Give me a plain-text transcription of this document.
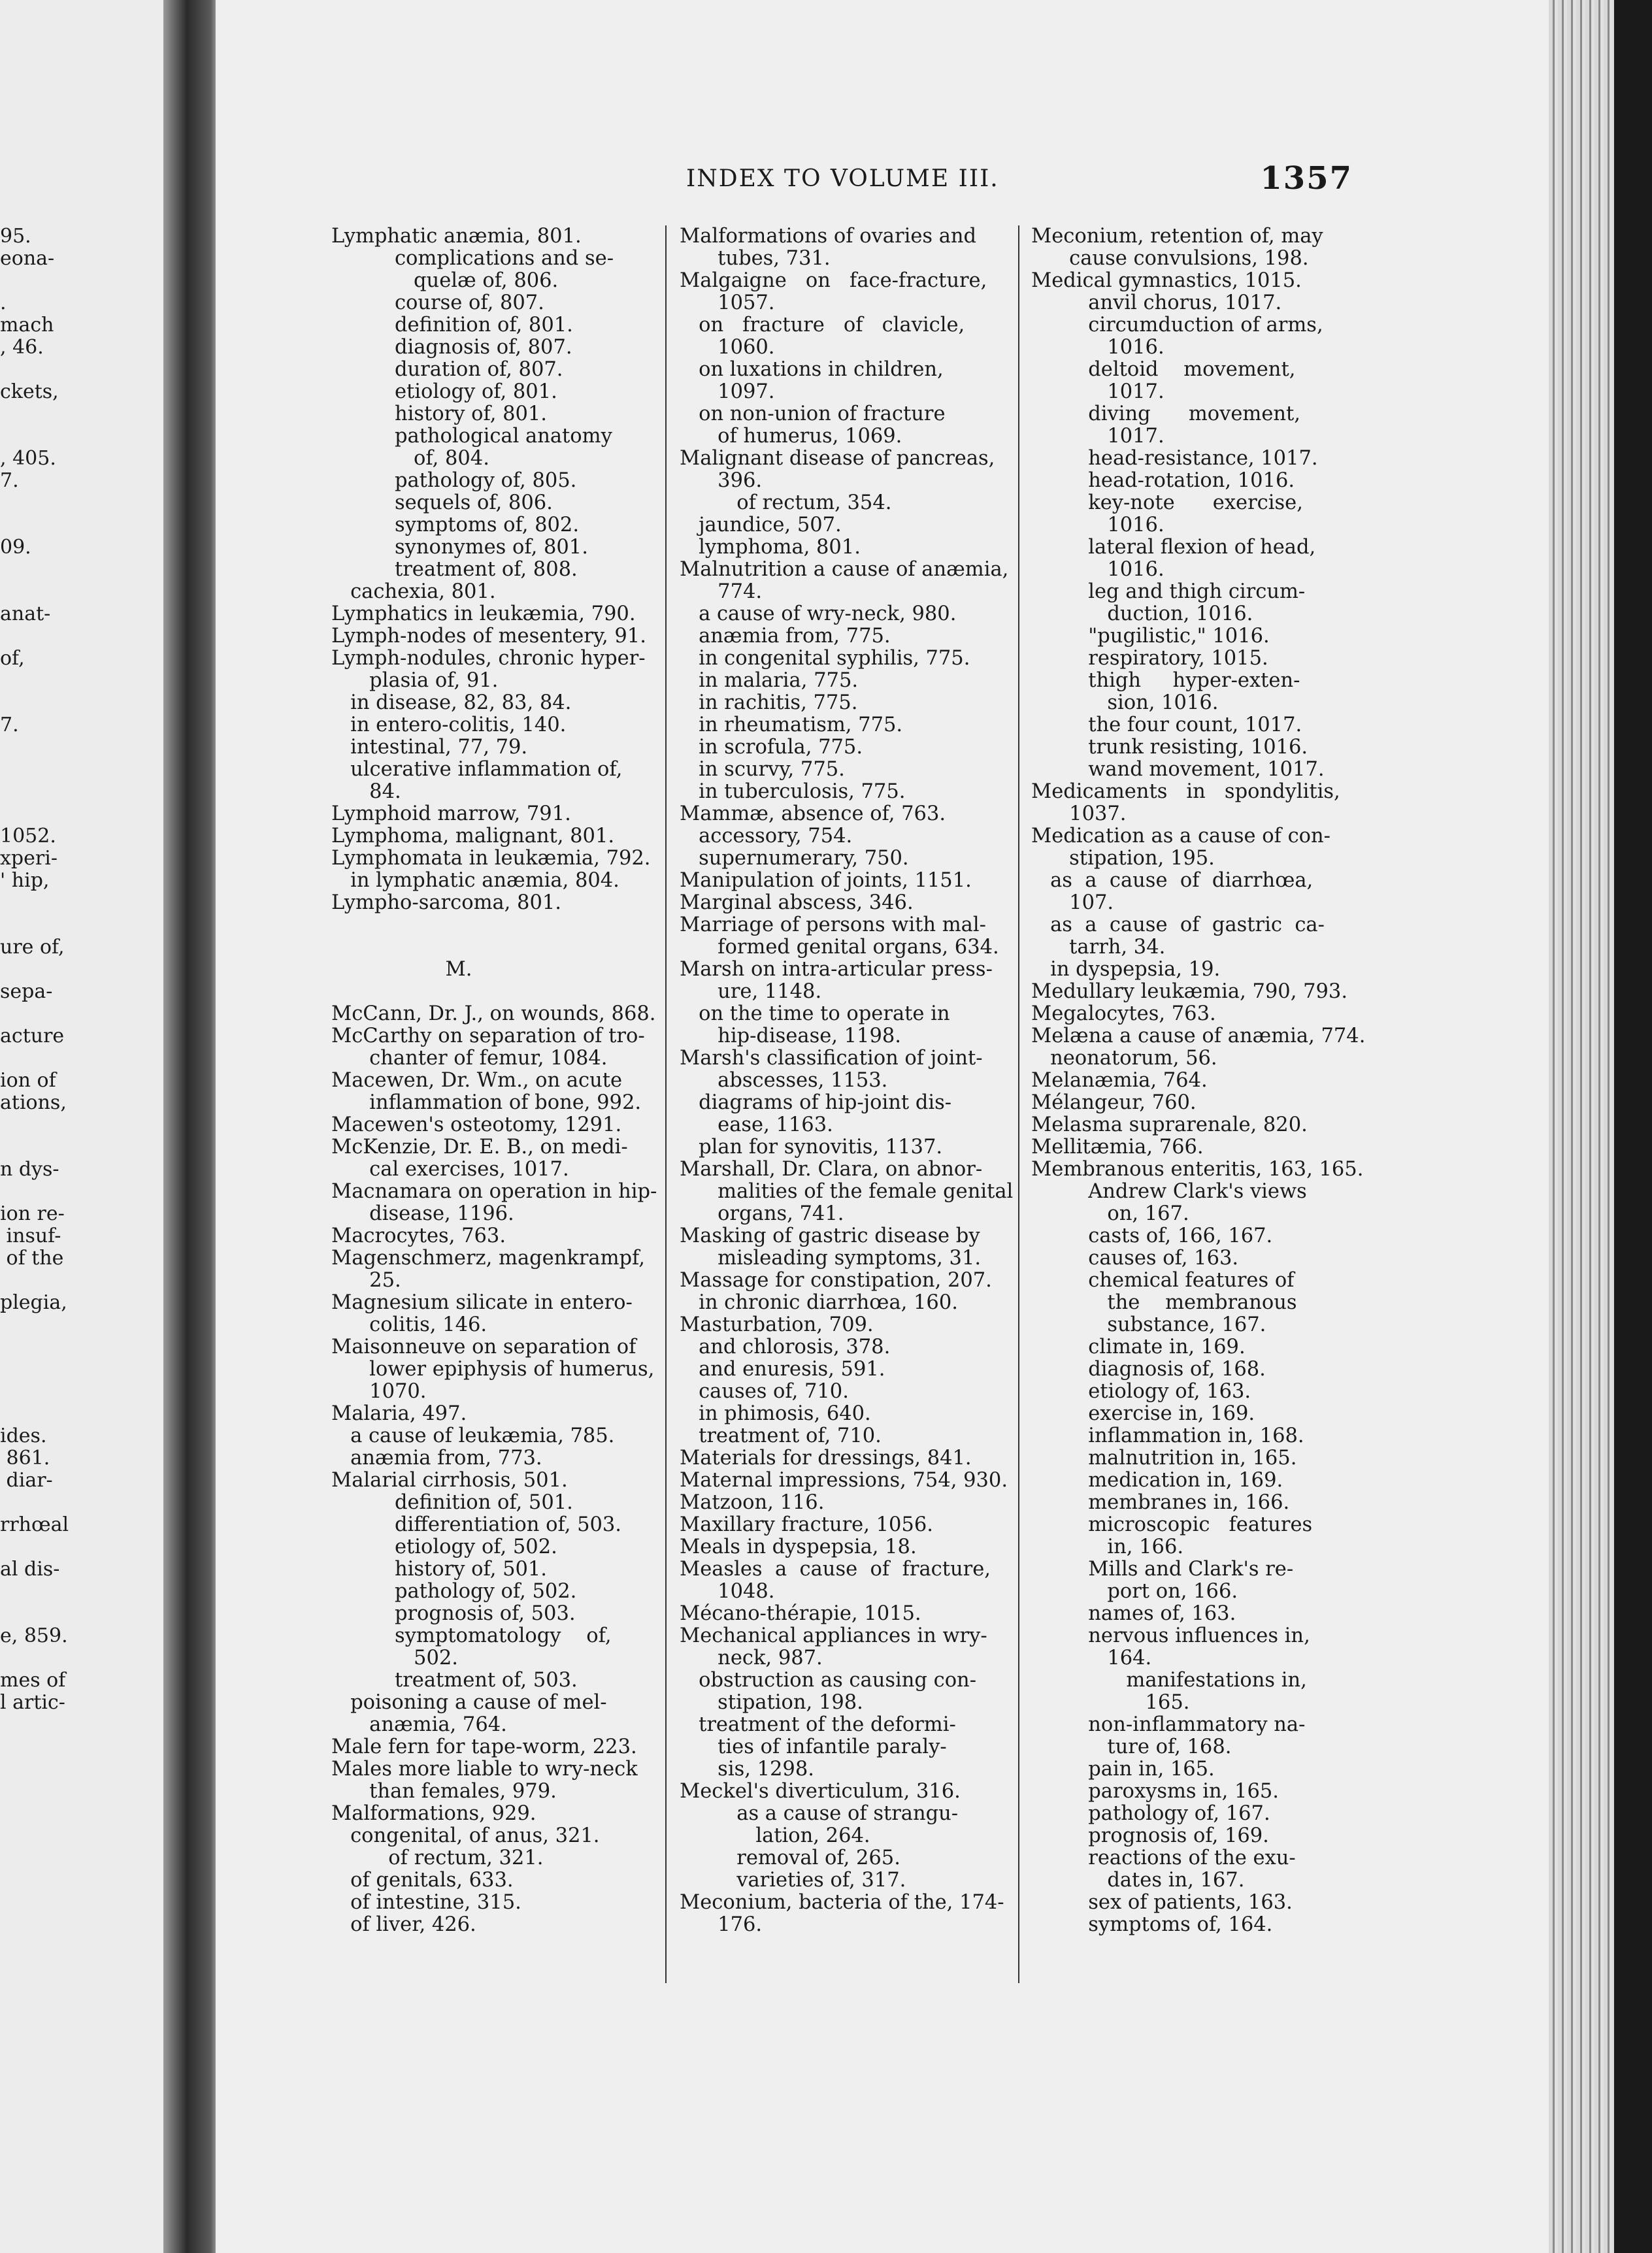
95.
eona-
.
mach
, 46.
ckets,
, 405.
7.
09.
anat-
of,
7.
1052.
xperi-
' hip,
ure of,
sepa-
acture
ion of
ations,
n dys-
ion re-
insuf-
of the
plegia,
ides.
861.
diar-
rrhœal
al dis-
e, 859.
mes of
l artic-
INDEX TO VOLUME III.	1357
Lymphatic anæmia, 801.
complications and se-
quelæ of, 806.
course of, 807.
definition of, 801.
diagnosis of, 807.
duration of, 807.
etiology of, 801.
history of, 801.
pathological anatomy
of, 804.
pathology of, 805.
sequels of, 806.
symptoms of, 802.
synonymes of, 801.
treatment of, 808.
cachexia, 801.
Lymphatics in leukæmia, 790.
Lymph-nodes of mesentery, 91.
Lymph-nodules, chronic hyper-
plasia of, 91.
in disease, 82, 83, 84.
in entero-colitis, 140.
intestinal, 77, 79.
ulcerative inflammation of,
84.
Lymphoid marrow, 791.
Lymphoma, malignant, 801.
Lymphomata in leukæmia, 792.
in lymphatic anæmia, 804.
Lympho-sarcoma, 801.
M.
McCann, Dr. J., on wounds, 868.
McCarthy on separation of tro-
chanter of femur, 1084.
Macewen, Dr. Wm., on acute
inflammation of bone, 992.
Macewen's osteotomy, 1291.
McKenzie, Dr. E. B., on medi-
cal exercises, 1017.
Macnamara on operation in hip-
disease, 1196.
Macrocytes, 763.
Magenschmerz, magenkrampf,
25.
Magnesium silicate in entero-
colitis, 146.
Maisonneuve on separation of
lower epiphysis of humerus,
1070.
Malaria, 497.
a cause of leukæmia, 785.
anæmia from, 773.
Malarial cirrhosis, 501.
definition of, 501.
differentiation of, 503.
etiology of, 502.
history of, 501.
pathology of, 502.
prognosis of, 503.
symptomatology    of,
502.
treatment of, 503.
poisoning a cause of mel-
anæmia, 764.
Male fern for tape-worm, 223.
Males more liable to wry-neck
than females, 979.
Malformations, 929.
congenital, of anus, 321.
of rectum, 321.
of genitals, 633.
of intestine, 315.
of liver, 426.
Malformations of ovaries and
tubes, 731.
Malgaigne   on   face-fracture,
1057.
on   fracture   of   clavicle,
1060.
on luxations in children,
1097.
on non-union of fracture
of humerus, 1069.
Malignant disease of pancreas,
396.
of rectum, 354.
jaundice, 507.
lymphoma, 801.
Malnutrition a cause of anæmia,
774.
a cause of wry-neck, 980.
anæmia from, 775.
in congenital syphilis, 775.
in malaria, 775.
in rachitis, 775.
in rheumatism, 775.
in scrofula, 775.
in scurvy, 775.
in tuberculosis, 775.
Mammæ, absence of, 763.
accessory, 754.
supernumerary, 750.
Manipulation of joints, 1151.
Marginal abscess, 346.
Marriage of persons with mal-
formed genital organs, 634.
Marsh on intra-articular press-
ure, 1148.
on the time to operate in
hip-disease, 1198.
Marsh's classification of joint-
abscesses, 1153.
diagrams of hip-joint dis-
ease, 1163.
plan for synovitis, 1137.
Marshall, Dr. Clara, on abnor-
malities of the female genital
organs, 741.
Masking of gastric disease by
misleading symptoms, 31.
Massage for constipation, 207.
in chronic diarrhœa, 160.
Masturbation, 709.
and chlorosis, 378.
and enuresis, 591.
causes of, 710.
in phimosis, 640.
treatment of, 710.
Materials for dressings, 841.
Maternal impressions, 754, 930.
Matzoon, 116.
Maxillary fracture, 1056.
Meals in dyspepsia, 18.
Measles  a  cause  of  fracture,
1048.
Mécano-thérapie, 1015.
Mechanical appliances in wry-
neck, 987.
obstruction as causing con-
stipation, 198.
treatment of the deformi-
ties of infantile paraly-
sis, 1298.
Meckel's diverticulum, 316.
as a cause of strangu-
lation, 264.
removal of, 265.
varieties of, 317.
Meconium, bacteria of the, 174-
176.
Meconium, retention of, may
cause convulsions, 198.
Medical gymnastics, 1015.
anvil chorus, 1017.
circumduction of arms,
1016.
deltoid    movement,
1017.
diving      movement,
1017.
head-resistance, 1017.
head-rotation, 1016.
key-note      exercise,
1016.
lateral flexion of head,
1016.
leg and thigh circum-
duction, 1016.
"pugilistic," 1016.
respiratory, 1015.
thigh     hyper-exten-
sion, 1016.
the four count, 1017.
trunk resisting, 1016.
wand movement, 1017.
Medicaments   in   spondylitis,
1037.
Medication as a cause of con-
stipation, 195.
as  a  cause  of  diarrhœa,
107.
as  a  cause  of  gastric  ca-
tarrh, 34.
in dyspepsia, 19.
Medullary leukæmia, 790, 793.
Megalocytes, 763.
Melæna a cause of anæmia, 774.
neonatorum, 56.
Melanæmia, 764.
Mélangeur, 760.
Melasma suprarenale, 820.
Mellitæmia, 766.
Membranous enteritis, 163, 165.
Andrew Clark's views
on, 167.
casts of, 166, 167.
causes of, 163.
chemical features of
the    membranous
substance, 167.
climate in, 169.
diagnosis of, 168.
etiology of, 163.
exercise in, 169.
inflammation in, 168.
malnutrition in, 165.
medication in, 169.
membranes in, 166.
microscopic   features
in, 166.
Mills and Clark's re-
port on, 166.
names of, 163.
nervous influences in,
164.
manifestations in,
165.
non-inflammatory na-
ture of, 168.
pain in, 165.
paroxysms in, 165.
pathology of, 167.
prognosis of, 169.
reactions of the exu-
dates in, 167.
sex of patients, 163.
symptoms of, 164.
